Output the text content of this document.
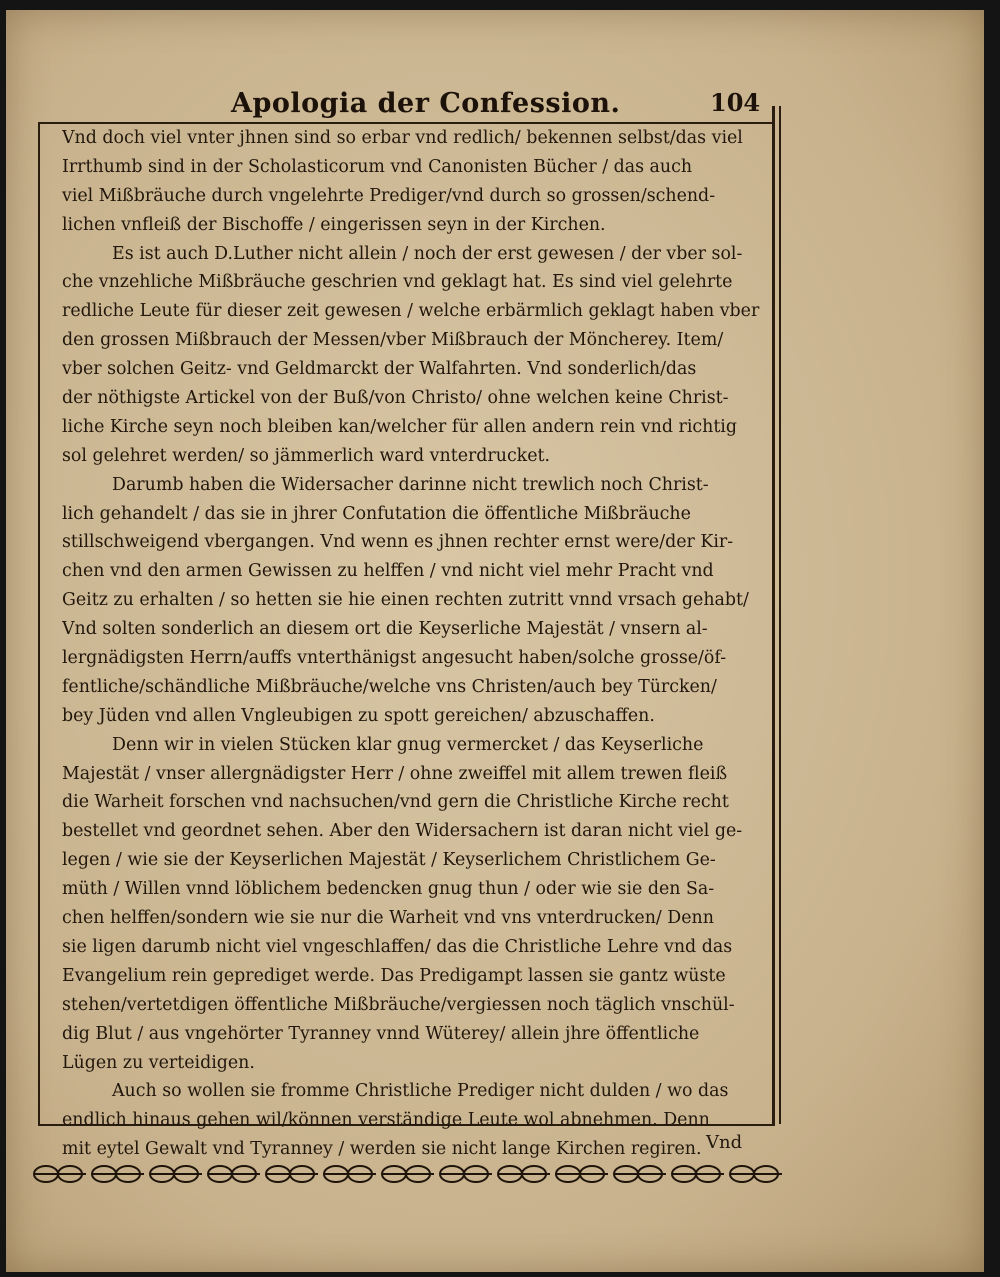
Apologia der Confession.	104
Vnd doch viel vnter jhnen sind so erbar vnd redlich/ bekennen selbst/das viel
Irrthumb sind in der Scholasticorum vnd Canonisten Bücher / das auch
viel Mißbräuche durch vngelehrte Prediger/vnd durch so grossen/schend-
lichen vnfleiß der Bischoffe / eingerissen seyn in der Kirchen.
Es ist auch D.Luther nicht allein / noch der erst gewesen / der vber sol-
che vnzehliche Mißbräuche geschrien vnd geklagt hat. Es sind viel gelehrte
redliche Leute für dieser zeit gewesen / welche erbärmlich geklagt haben vber
den grossen Mißbrauch der Messen/vber Mißbrauch der Möncherey. Item/
vber solchen Geitz- vnd Geldmarckt der Walfahrten. Vnd sonderlich/das
der nöthigste Artickel von der Buß/von Christo/ ohne welchen keine Christ-
liche Kirche seyn noch bleiben kan/welcher für allen andern rein vnd richtig
sol gelehret werden/ so jämmerlich ward vnterdrucket.
Darumb haben die Widersacher darinne nicht trewlich noch Christ-
lich gehandelt / das sie in jhrer Confutation die öffentliche Mißbräuche
stillschweigend vbergangen. Vnd wenn es jhnen rechter ernst were/der Kir-
chen vnd den armen Gewissen zu helffen / vnd nicht viel mehr Pracht vnd
Geitz zu erhalten / so hetten sie hie einen rechten zutritt vnnd vrsach gehabt/
Vnd solten sonderlich an diesem ort die Keyserliche Majestät / vnsern al-
lergnädigsten Herrn/auffs vnterthänigst angesucht haben/solche grosse/öf-
fentliche/schändliche Mißbräuche/welche vns Christen/auch bey Türcken/
bey Jüden vnd allen Vngleubigen zu spott gereichen/ abzuschaffen.
Denn wir in vielen Stücken klar gnug vermercket / das Keyserliche
Majestät / vnser allergnädigster Herr / ohne zweiffel mit allem trewen fleiß
die Warheit forschen vnd nachsuchen/vnd gern die Christliche Kirche recht
bestellet vnd geordnet sehen. Aber den Widersachern ist daran nicht viel ge-
legen / wie sie der Keyserlichen Majestät / Keyserlichem Christlichem Ge-
müth / Willen vnnd löblichem bedencken gnug thun / oder wie sie den Sa-
chen helffen/sondern wie sie nur die Warheit vnd vns vnterdrucken/ Denn
sie ligen darumb nicht viel vngeschlaffen/ das die Christliche Lehre vnd das
Evangelium rein geprediget werde. Das Predigampt lassen sie gantz wüste
stehen/vertetdigen öffentliche Mißbräuche/vergiessen noch täglich vnschül-
dig Blut / aus vngehörter Tyranney vnnd Wüterey/ allein jhre öffentliche
Lügen zu verteidigen.
Auch so wollen sie fromme Christliche Prediger nicht dulden / wo das
endlich hinaus gehen wil/können verständige Leute wol abnehmen. Denn
mit eytel Gewalt vnd Tyranney / werden sie nicht lange Kirchen regiren. Vnd
